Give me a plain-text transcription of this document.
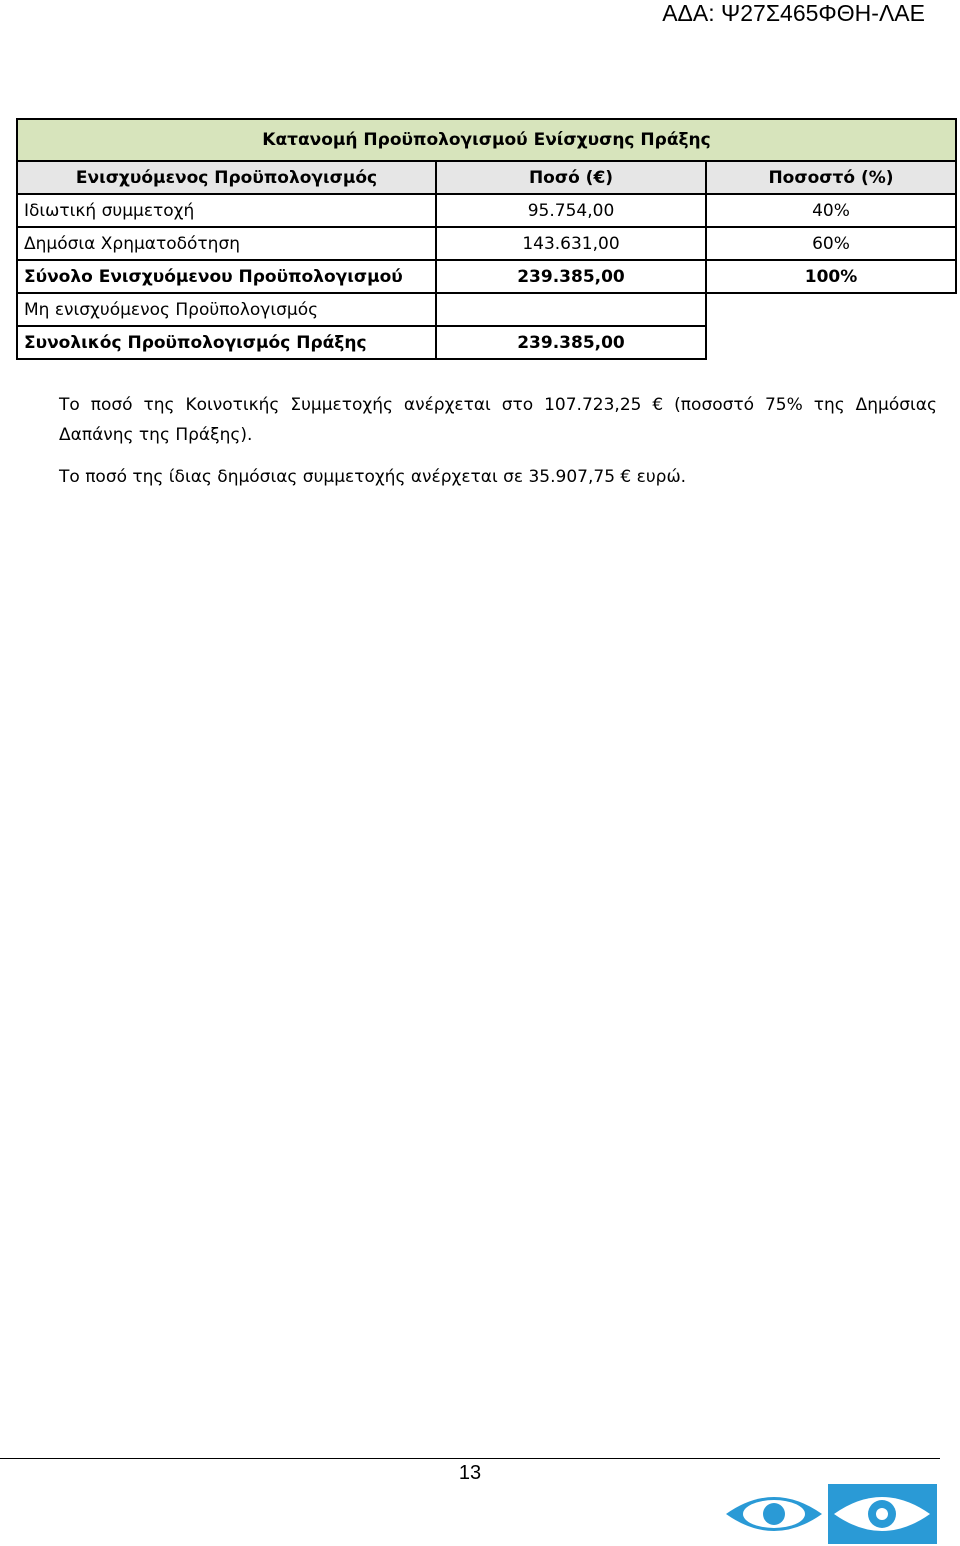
ΑΔΑ: Ψ27Σ465ΦΘΗ-ΛΑΕ
Κατανομή Προϋπολογισμού Ενίσχυσης Πράξης		
Ενισχυόμενος Προϋπολογισμός	Ποσό (€)	Ποσοστό (%)
Ιδιωτική συμμετοχή	95.754,00	40%
Δημόσια Χρηματοδότηση	143.631,00	60%
Σύνολο Ενισχυόμενου Προϋπολογισμού	239.385,00	100%
Μη ενισχυόμενος Προϋπολογισμός		
Συνολικός Προϋπολογισμός Πράξης	239.385,00	
Το ποσό της Κοινοτικής Συμμετοχής ανέρχεται στο 107.723,25 € (ποσοστό 75% της Δημόσιας Δαπάνης της Πράξης).
Το ποσό της ίδιας δημόσιας συμμετοχής ανέρχεται σε 35.907,75 € ευρώ.
13
